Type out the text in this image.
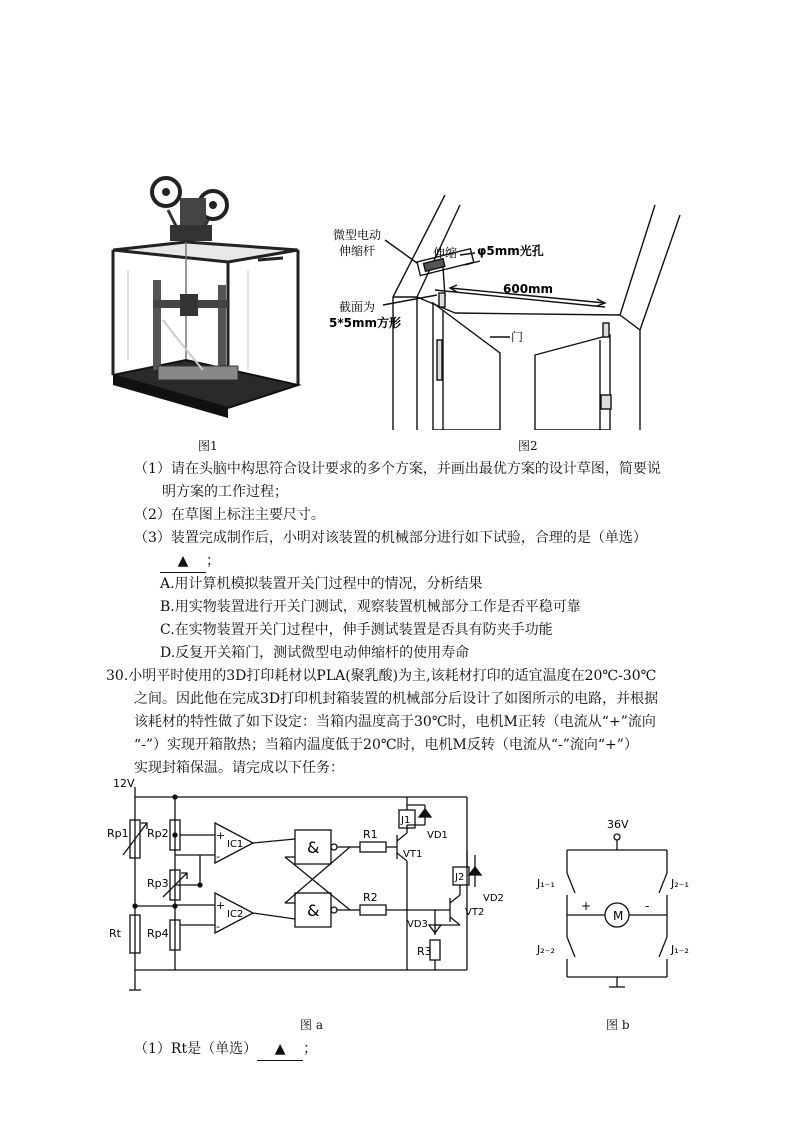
图1
微型电动
伸缩杆	伸缩 φ5mm光孔
600mm
截面为
5*5mm方形
门
图2
（1）请在头脑中构思符合设计要求的多个方案，并画出最优方案的设计草图，简要说
明方案的工作过程；
（2）在草图上标注主要尺寸。
（3）装置完成制作后，小明对该装置的机械部分进行如下试验，合理的是（单选）
▲ ；
A.用计算机模拟装置开关门过程中的情况，分析结果
B.用实物装置进行开关门测试，观察装置机械部分工作是否平稳可靠
C.在实物装置开关门过程中，伸手测试装置是否具有防夹手功能
D.反复开关箱门，测试微型电动伸缩杆的使用寿命
30.小明平时使用的3D打印耗材以PLA(聚乳酸)为主,该耗材打印的适宜温度在20℃-30℃
之间。因此他在完成3D打印机封箱装置的机械部分后设计了如图所示的电路，并根据
该耗材的特性做了如下设定：当箱内温度高于30℃时，电机M正转（电流从“+”流向
“-”）实现开箱散热；当箱内温度低于20℃时，电机M反转（电流从“-”流向“+”）
实现封箱保温。请完成以下任务：
12V
Rp1 Rp2
Rp3
Rp4
Rt
IC1
IC2
+
-
+
-
&
&
R1
R2
R3
J1
J2
VD1
VD2
VD3
VT1
VT2
图 a
36V
M
+	-
J₁₋₁	J₂₋₁
J₂₋₂	J₁₋₂
图 b
（1）Rt是（单选） ▲ ；
